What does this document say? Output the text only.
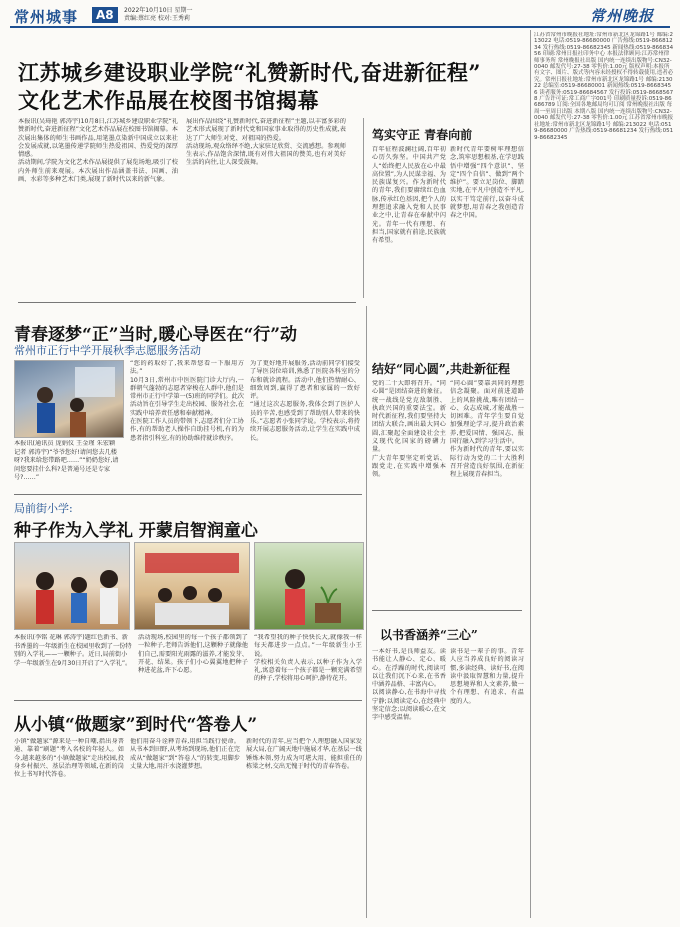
常州城事	A8	2022年10月10日 星期一
责编:蔡红亮 校对:王秀莉	常州晚报
江苏城乡建设职业学院“礼赞新时代,奋进新征程”
文化艺术作品展在校图书馆揭幕
本报讯(吴琦艳 郭涛宇)10月8日,江苏城乡建设职业学院“礼赞新时代,奋进新征程”文化艺术作品展在校图书馆揭幕。本次展出集体的师生书画作品,用笔墨点染新中国成立以来社会发展成就,以笔墨传递学院师生热爱祖国、热爱党的深厚情感。
活动期间,学院为文化艺术作品展提供了展览场地,吸引了校内外师生前来观展。本次展出作品涵盖书法、国画、油画、水彩等多种艺术门类,展现了新时代以来的新气象。
展出作品围绕“礼赞新时代,奋进新征程”主题,以丰富多彩的艺术形式展现了新时代党和国家事业取得的历史性成就,表达了广大师生对党、对祖国的热爱。
活动现场,观众络绎不绝,大家驻足欣赏、交流感想。参观师生表示,作品饱含深情,既有对伟大祖国的赞美,也有对美好生活的向往,让人深受鼓舞。
笃实守正 青春向前
百年征程波澜壮阔,百年初心历久弥坚。中国共产党人“始终把人民放在心中最高位置”,为人民谋幸福、为民族谋复兴。作为新时代的青年,我们要赓续红色血脉,传承红色基因,把个人的理想追求融入党和人民事业之中,让青春在奉献中闪光。青年一代有理想、有担当,国家就有前途,民族就有希望。
新时代青年要树牢理想信念,筑牢思想根基,在学思践悟中增强“四个意识”、坚定“四个自信”、做到“两个维护”。要立足岗位、脚踏实地,在平凡中创造不平凡,以实干笃定前行,以奋斗成就梦想,用青春之我创造青春之中国。
青春逐梦“正”当时,暖心导医在“行”动
常州市正行中学开展秋季志愿服务活动
本报讯(通讯员 庞娟仪 王金瑾 朱宏颖 记者 郭涛宇)“爷爷您好!请问您去几楼呀?我来给您带路吧……”“奶奶您好,请问您要挂什么科?是普通号还是专家号?……”
“您的药取好了,我来帮您看一下服用方法。”
10月3日,常州市中医医院门诊大厅内,一群朝气蓬勃的志愿者穿梭在人群中,他们是常州市正行中学第一(5)班的同学们。此次活动旨在引导学生走出校园、服务社会,在实践中培养责任感和奉献精神。
在医院工作人员的带领下,志愿者们分工协作,有的帮助老人操作自助挂号机,有的为患者指引科室,有的协助维持就诊秩序。
为了更好地开展服务,活动前同学们接受了导医岗位培训,熟悉了医院各科室的分布和就诊流程。活动中,他们热情耐心、细致周到,赢得了患者和家属的一致好评。
“通过这次志愿服务,我体会到了医护人员的辛苦,也感受到了帮助别人带来的快乐。”志愿者小张同学说。学校表示,将持续开展志愿服务活动,让学生在实践中成长。
局前街小学:
种子作为入学礼 开蒙启智润童心
本报讯(李铭 花琳 郭涛宇)题红色新书、新书香墨的一年级新生在校园里收到了一份特别的入学礼——一颗种子。近日,局前街小学一年级新生在9月30日开启了“入学礼”。
活动现场,校园里的每一个孩子都领到了一粒种子,老师告诉他们,这颗种子就像他们自己,需要阳光雨露的滋养,才能发芽、开花、结果。孩子们小心翼翼地把种子种进花盆,许下心愿。
“我希望我的种子快快长大,就像我一样每天都进步一点点。”一年级新生小王说。
学校相关负责人表示,以种子作为入学礼,寓意着每一个孩子都是一颗充满希望的种子,学校将用心呵护,静待花开。
从小镇“做题家”到时代“答卷人”
小镇“做题家”源来是一种自嘲,指出身普通、靠着“刷题”考入名校的年轻人。如今,越来越多的“小镇做题家”走出校园,投身乡村振兴、基层治理等领域,在新的岗位上书写时代答卷。
他们用奋斗诠释青春,用担当践行使命。从书本到田野,从考场到现场,他们正在完成从“做题家”到“答卷人”的转变,用脚步丈量大地,用汗水浇灌梦想。
新时代的青年,应当把个人理想融入国家发展大局,在广阔天地中施展才华,在基层一线锤炼本领,努力成为可堪大用、能担重任的栋梁之材,交出无愧于时代的青春答卷。
结好“同心圆”,共赴新征程
党的二十大即将召开。“同心圆”是团结奋进的象征。统一战线是党克敌制胜、执政兴国的重要法宝。新时代新征程,我们要坚持大团结大联合,画出最大同心圆,汇聚起全面建设社会主义现代化国家的磅礴力量。
广大青年要坚定听党话、跟党走,在实践中增强本领。
“同心圆”要靠共同的理想信念凝聚。面对前进道路上的风险挑战,唯有团结一心、众志成城,才能战胜一切困难。青年学生要自觉加强理论学习,提升政治素养,把爱国情、强国志、报国行融入到学习生活中。
作为新时代的青年,要以实际行动为党的二十大胜利召开营造良好氛围,在新征程上展现青春担当。
以书香涵养“三心”
一本好书,是良师益友。读书能让人静心、定心、暖心。在浮躁的时代,阅读可以让我们沉下心来,在书香中涵养品格、丰富内心。
以阅读静心,在书海中寻找宁静;以阅读定心,在经典中坚定信念;以阅读暖心,在文字中感受温情。
读书是一辈子的事。青年人应当养成良好的阅读习惯,多读经典、读好书,在阅读中汲取智慧和力量,提升思想境界和人文素养,做一个有理想、有追求、有温度的人。
江苏省常州市晚报社地址:常州市新北区龙锦路1号 邮编:213022 电话:0519-86680000 广告热线:0519-86681234 发行热线:0519-86682345 新闻热线:0519-86683456 印刷:常州日报社印务中心 本报法律顾问:江苏常州律师事务所 常州晚报社出版 国内统一连续出版物号:CN32-0040 邮发代号:27-38 零售价:1.00元 版权声明:本报所有文字、图片、版式等内容未经授权不得转载使用,违者必究。常州日报社地址:常州市新北区龙锦路1号 邮编:213022 总编室:0519-86680001 新闻热线:0519-86683456 读者服务:0519-86684567 发行投诉:0519-86685678 广告许可证:常工商广字001号 印刷质量投诉:0519-86686789 订阅:全国各地邮局均可订阅 常州晚报社出版 每周一至周日出版 本期八版 国内统一连续出版物号:CN32-0040 邮发代号:27-38 零售价:1.00元 江苏省常州市晚报社地址:常州市新北区龙锦路1号 邮编:213022 电话:0519-86680000 广告热线:0519-86681234 发行热线:0519-86682345
